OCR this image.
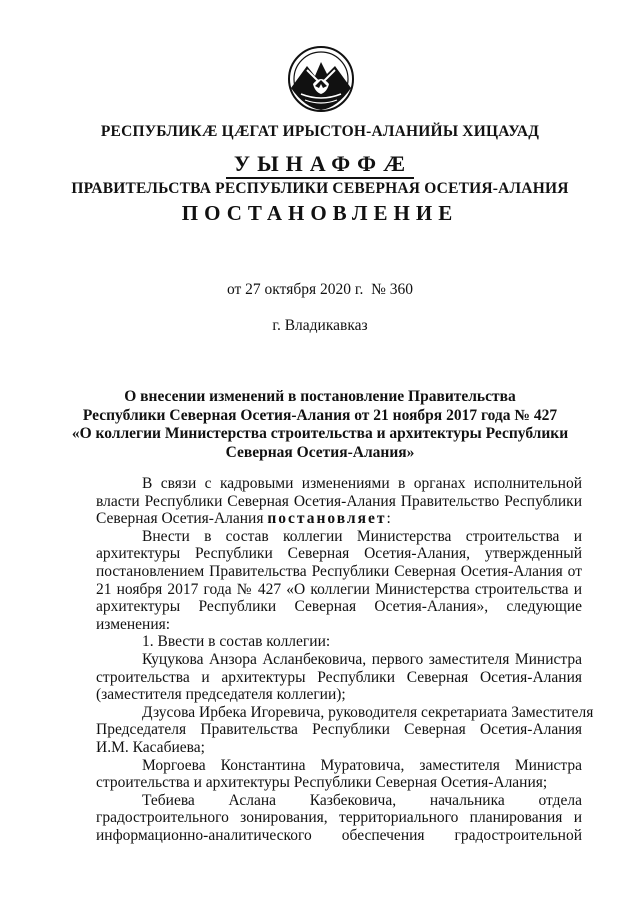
РЕСПУБЛИКӔ ЦӔГАТ ИРЫСТОН-АЛАНИЙЫ ХИЦАУАД
УЫНАФФӔ
ПРАВИТЕЛЬСТВА РЕСПУБЛИКИ СЕВЕРНАЯ ОСЕТИЯ-АЛАНИЯ
ПОСТАНОВЛЕНИЕ
от 27 октября 2020 г.  № 360
г. Владикавказ
О внесении изменений в постановление Правительства
Республики Северная Осетия-Алания от 21 ноября 2017 года № 427
«О коллегии Министерства строительства и архитектуры Республики
Северная Осетия-Алания»
В связи с кадровыми изменениями в органах исполнительной
власти Республики Северная Осетия-Алания Правительство Республики
Северная Осетия-Алания постановляет:
Внести в состав коллегии Министерства строительства и
архитектуры Республики Северная Осетия-Алания, утвержденный
постановлением Правительства Республики Северная Осетия-Алания от
21 ноября 2017 года № 427 «О коллегии Министерства строительства и
архитектуры Республики Северная Осетия-Алания», следующие
изменения:
1. Ввести в состав коллегии:
Куцукова Анзора Асланбековича, первого заместителя Министра
строительства и архитектуры Республики Северная Осетия-Алания
(заместителя председателя коллегии);
Дзусова Ирбека Игоревича, руководителя секретариата Заместителя
Председателя Правительства Республики Северная Осетия-Алания
И.М. Касабиева;
Моргоева Константина Муратовича, заместителя Министра
строительства и архитектуры Республики Северная Осетия-Алания;
Тебиева Аслана Казбековича, начальника отдела
градостроительного зонирования, территориального планирования и
информационно-аналитического обеспечения градостроительной
